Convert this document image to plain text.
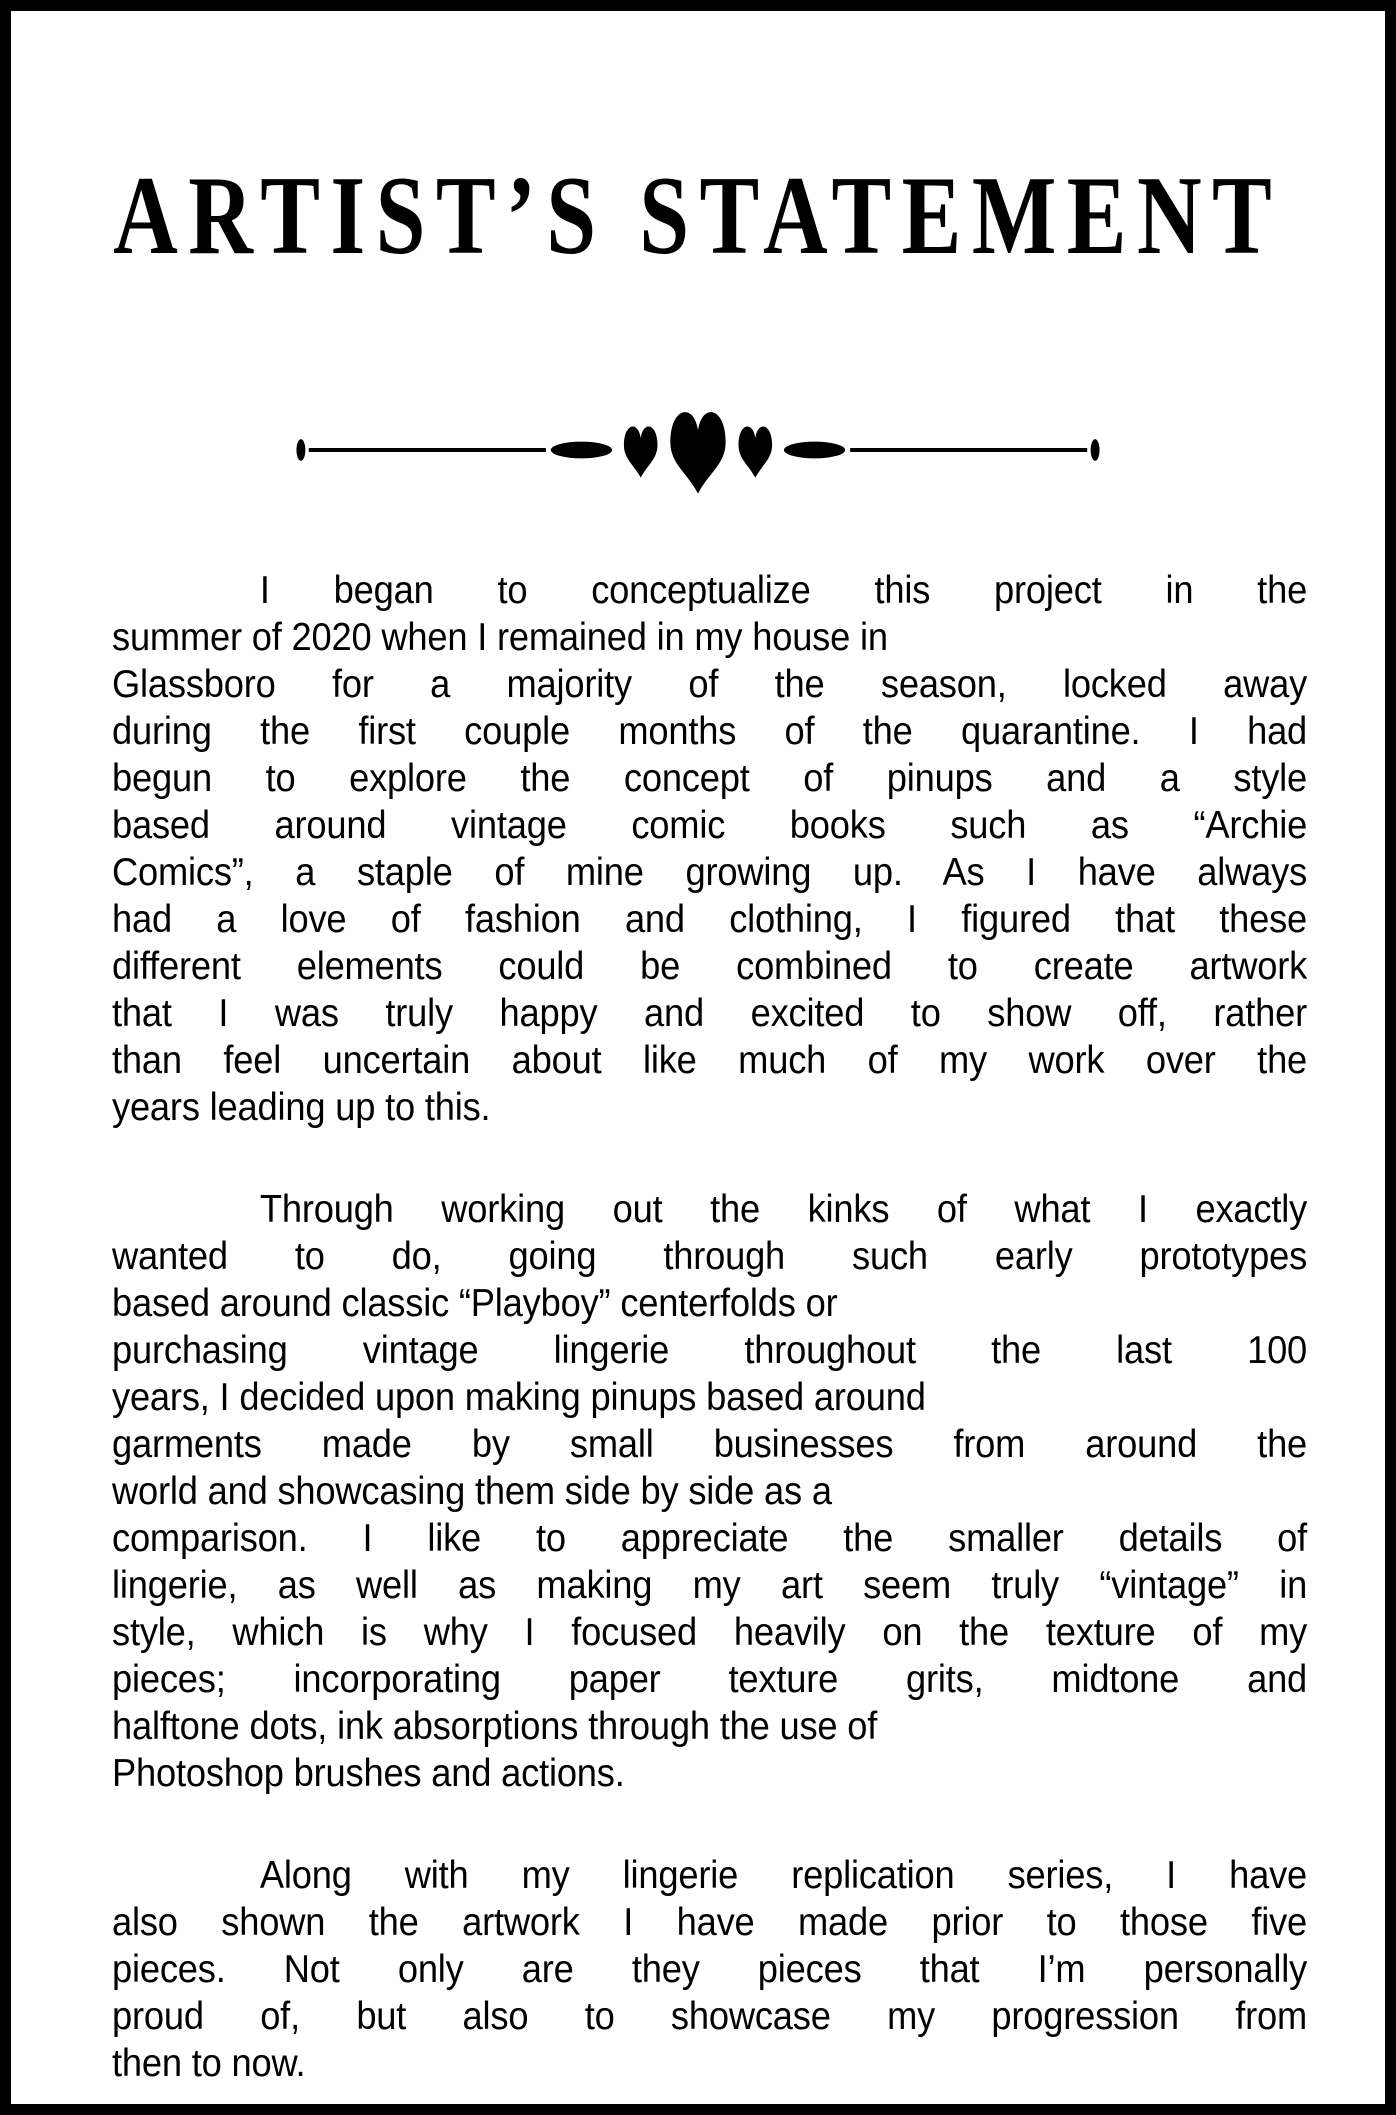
ARTIST’S STATEMENT
I began to conceptualize this project in the
summer of 2020 when I remained in my house in
Glassboro for a majority of the season, locked away
during the first couple months of the quarantine. I had
begun to explore the concept of pinups and a style
based around vintage comic books such as “Archie
Comics”, a staple of mine growing up. As I have always
had a love of fashion and clothing, I figured that these
different elements could be combined to create artwork
that I was truly happy and excited to show off, rather
than feel uncertain about like much of my work over the
years leading up to this.
Through working out the kinks of what I exactly
wanted to do, going through such early prototypes
based around classic “Playboy” centerfolds or
purchasing vintage lingerie throughout the last 100
years, I decided upon making pinups based around
garments made by small businesses from around the
world and showcasing them side by side as a
comparison. I like to appreciate the smaller details of
lingerie, as well as making my art seem truly “vintage” in
style, which is why I focused heavily on the texture of my
pieces; incorporating paper texture grits, midtone and
halftone dots, ink absorptions through the use of
Photoshop brushes and actions.
Along with my lingerie replication series, I have
also shown the artwork I have made prior to those five
pieces. Not only are they pieces that I’m personally
proud of, but also to showcase my progression from
then to now.
